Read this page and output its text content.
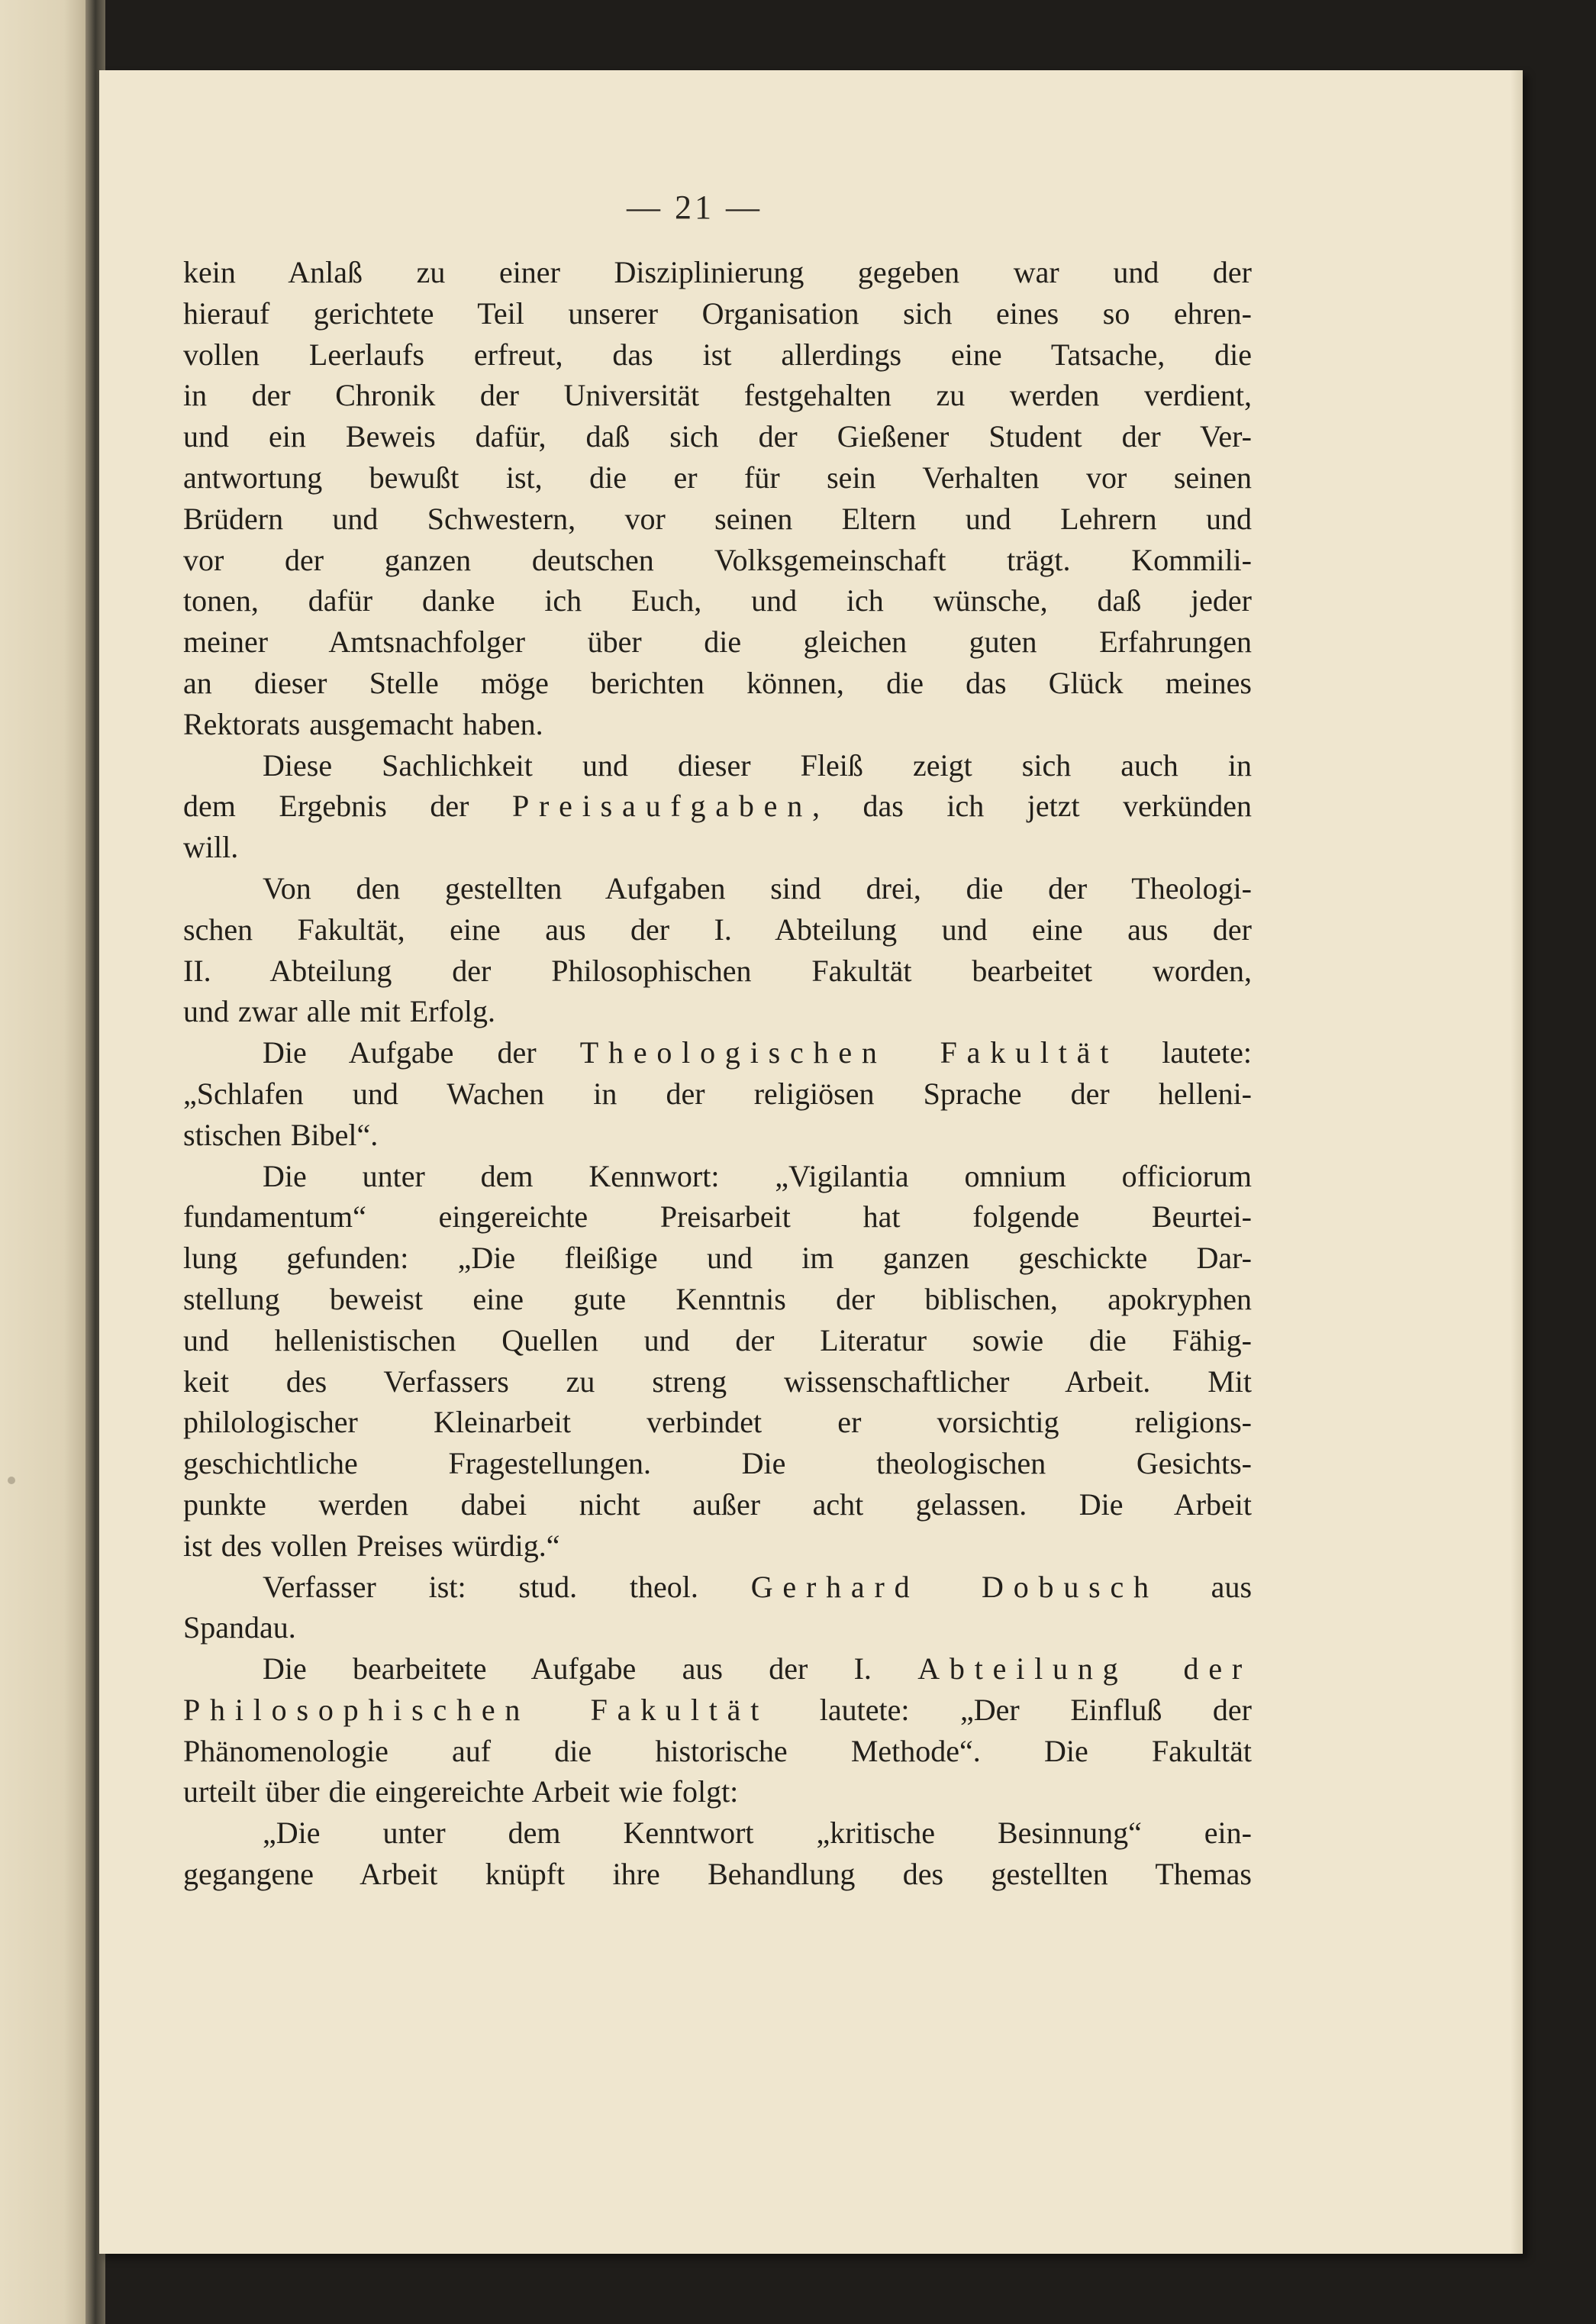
— 21 —

kein Anlaß zu einer Disziplinierung gegeben war und der

hierauf gerichtete Teil unserer Organisation sich eines so ehren-

vollen Leerlaufs erfreut, das ist allerdings eine Tatsache, die

in der Chronik der Universität festgehalten zu werden verdient,

und ein Beweis dafür, daß sich der Gießener Student der Ver-

antwortung bewußt ist, die er für sein Verhalten vor seinen

Brüdern und Schwestern, vor seinen Eltern und Lehrern und

vor der ganzen deutschen Volksgemeinschaft trägt. Kommili-

tonen, dafür danke ich Euch, und ich wünsche, daß jeder

meiner Amtsnachfolger über die gleichen guten Erfahrungen

an dieser Stelle möge berichten können, die das Glück meines

Rektorats ausgemacht haben.

Diese Sachlichkeit und dieser Fleiß zeigt sich auch in

dem Ergebnis der Preisaufgaben, das ich jetzt verkünden

will.

Von den gestellten Aufgaben sind drei, die der Theologi-

schen Fakultät, eine aus der I. Abteilung und eine aus der

II. Abteilung der Philosophischen Fakultät bearbeitet worden,

und zwar alle mit Erfolg.

Die Aufgabe der Theologischen Fakultät lautete:

„Schlafen und Wachen in der religiösen Sprache der helleni-

stischen Bibel“.

Die unter dem Kennwort: „Vigilantia omnium officiorum

fundamentum“ eingereichte Preisarbeit hat folgende Beurtei-

lung gefunden: „Die fleißige und im ganzen geschickte Dar-

stellung beweist eine gute Kenntnis der biblischen, apokryphen

und hellenistischen Quellen und der Literatur sowie die Fähig-

keit des Verfassers zu streng wissenschaftlicher Arbeit. Mit

philologischer Kleinarbeit verbindet er vorsichtig religions-

geschichtliche Fragestellungen. Die theologischen Gesichts-

punkte werden dabei nicht außer acht gelassen. Die Arbeit

ist des vollen Preises würdig.“

Verfasser ist: stud. theol. Gerhard Dobusch aus

Spandau.

Die bearbeitete Aufgabe aus der I. Abteilung der

Philosophischen Fakultät lautete: „Der Einfluß der

Phänomenologie auf die historische Methode“. Die Fakultät

urteilt über die eingereichte Arbeit wie folgt:

„Die unter dem Kenntwort „kritische Besinnung“ ein-

gegangene Arbeit knüpft ihre Behandlung des gestellten Themas
